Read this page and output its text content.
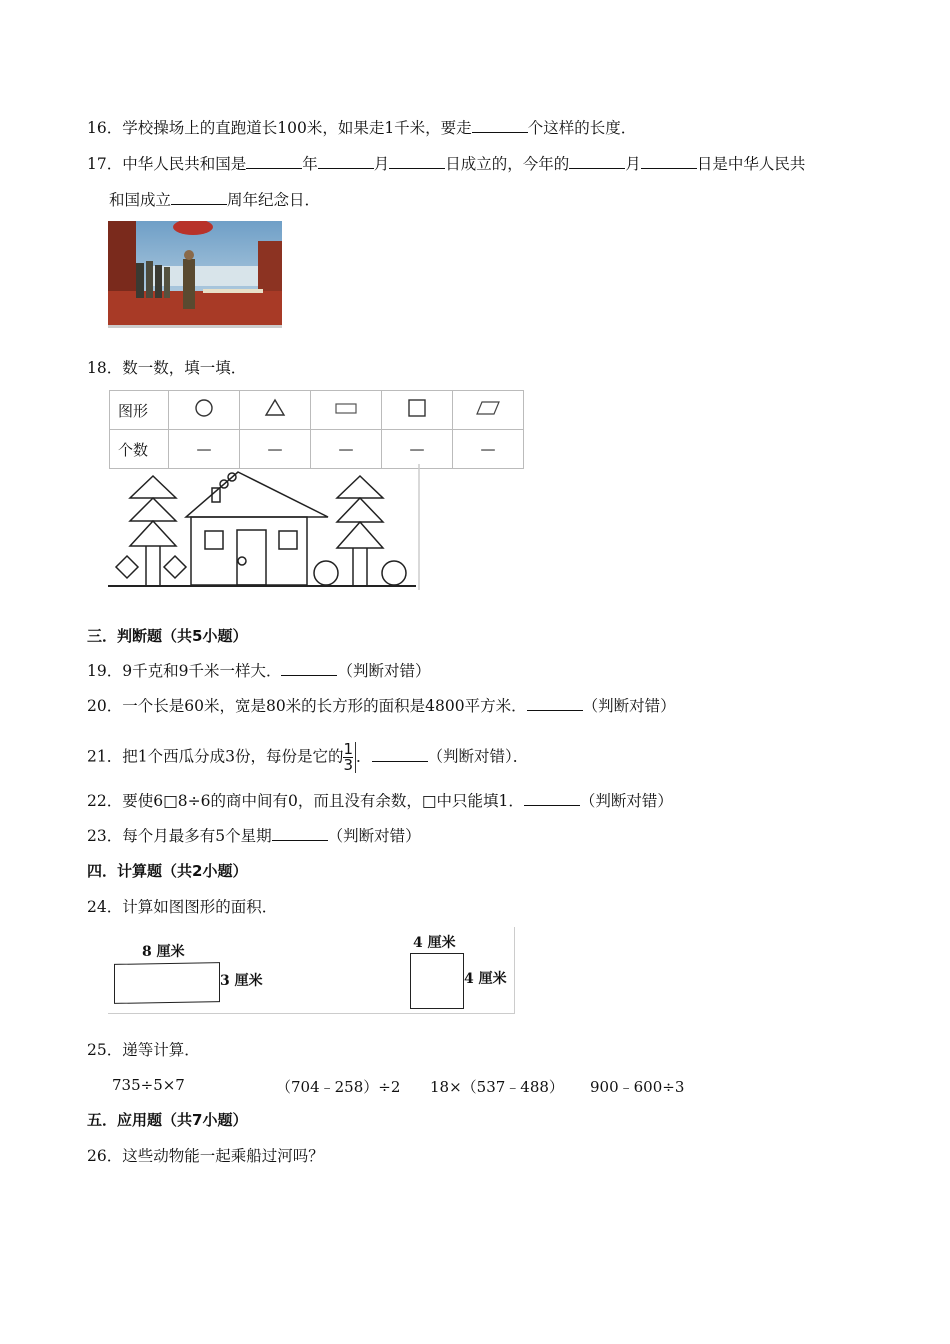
16．学校操场上的直跑道长100米，如果走1千米，要走	个这样的长度．
17．中华人民共和国是	年	月	日成立的，今年的	月	日是中华人民共
和国成立	周年纪念日．
18．数一数，填一填．
图形					
个数	—	—	—	—	—
三．判断题（共5小题）
19．9千克和9千米一样大．	（判断对错）
20．一个长是60米，宽是80米的长方形的面积是4800平方米．	（判断对错）
21．把1个西瓜分成3份，每份是它的 $\frac{1}{3}$ ．	（判断对错）．
22．要使6□8÷6的商中间有0，而且没有余数，□中只能填1．	（判断对错）
23．每个月最多有5个星期	（判断对错）
四．计算题（共2小题）
24．计算如图图形的面积．
8 厘米
3 厘米
4 厘米
4 厘米
25．递等计算．
735÷5×7	（704﹣258）÷2 18×（537﹣488） 900﹣600÷3
五．应用题（共7小题）
26．这些动物能一起乘船过河吗？
